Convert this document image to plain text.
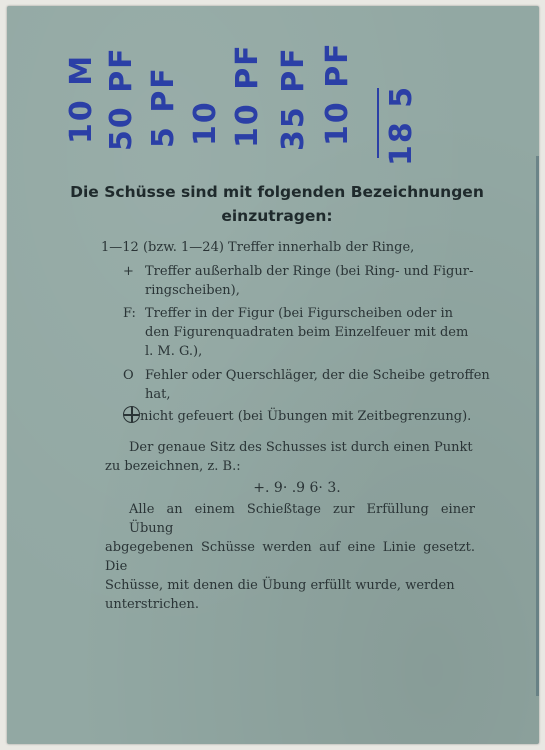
10 M 50 PF 5 PF 10 10 PF 35 PF 10 PF 18 5
Die Schüsse sind mit folgenden Bezeichnungen
einzutragen:
1—12 (bzw. 1—24) Treffer innerhalb der Ringe,
+ Treffer außerhalb der Ringe (bei Ring- und Figur-
ringscheiben),
F: Treffer in der Figur (bei Figurscheiben oder in
den Figurenquadraten beim Einzelfeuer mit dem
l. M. G.),
O Fehler oder Querschläger, der die Scheibe getroffen
hat,
nicht gefeuert (bei Übungen mit Zeitbegrenzung).
Der genaue Sitz des Schusses ist durch einen Punkt
zu bezeichnen, z. B.:
+. 9· .9 6· 3.
Alle an einem Schießtage zur Erfüllung einer Übung
abgegebenen Schüsse werden auf eine Linie gesetzt. Die
Schüsse, mit denen die Übung erfüllt wurde, werden
unterstrichen.
